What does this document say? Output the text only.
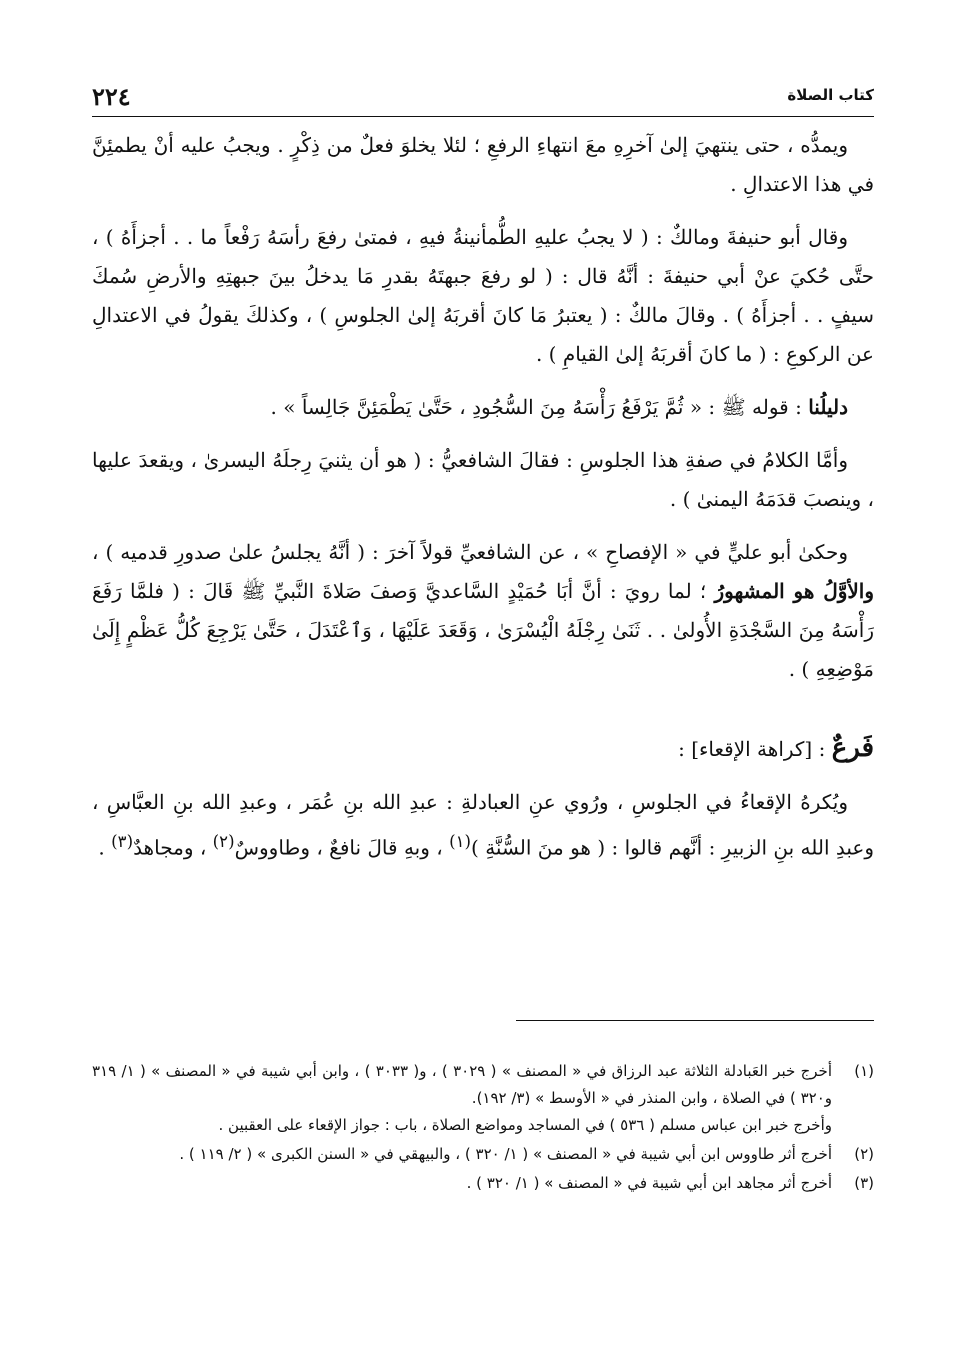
٢٢٤	كتاب الصلاة

ويمدُّه ، حتى ينتهيَ إلىٰ آخرِهِ معَ انتهاءِ الرفعِ ؛ لئلا يخلوَ فعلٌ من ذِكْرٍ . ويجبُ عليه أنْ يطمئِنَّ في هذا الاعتدالِ .

وقال أبو حنيفةَ ومالكٌ : ( لا يجبُ عليهِ الطُّمأنينةُ فيهِ ، فمتىٰ رفعَ رأسَهُ رَفْعاً ما . . أجزأَهُ ) ، حتَّى حُكيَ عنْ أبي حنيفةَ : أنَّهُ قال : ( لو رفعَ جبهتَهُ بقدرِ مَا يدخلُ بينَ جبهتِهِ والأرضِ سُمكَ سيفٍ . . أجزأَهُ ) . وقالَ مالكٌ : ( يعتبرُ مَا كانَ أقربَهُ إلىٰ الجلوسِ ) ، وكذلكَ يقولُ في الاعتدالِ عن الركوعِ : ( ما كانَ أقربَهُ إلىٰ القيامِ ) .

دليلُنا : قوله ﷺ : « ثُمَّ يَرْفَعُ رَأْسَهُ مِنَ السُّجُودِ ، حَتَّىٰ يَطْمَئِنَّ جَالِساً » .

وأمَّا الكلامُ في صفةِ هذا الجلوسِ : فقالَ الشافعيُّ : ( هو أن يثنيَ رِجلَهُ اليسرىٰ ، ويقعدَ عليها ، وينصبَ قدَمَهُ اليمنىٰ ) .

وحكىٰ أبو عليٍّ في « الإفصاحِ » ، عن الشافعيِّ قولاً آخرَ : ( أنَّهُ يجلسُ علىٰ صدورِ قدميه ) ، والأوَّلُ هو المشهورُ ؛ لما رويَ : أنَّ أبَا حُمَيْدٍ السَّاعديَّ وَصفَ صَلاةَ النَّبيِّ ﷺ قَالَ : ( فلمَّا رَفَعَ رَأْسَهُ مِنَ السَّجْدَةِ الأُولىٰ . . ثَنَىٰ رِجْلَهُ الْيُسْرَىٰ ، وَقَعَدَ عَلَيْهَا ، وَٱعْتَدَلَ ، حَتَّىٰ يَرْجِعَ كُلُّ عَظْمٍ إِلَىٰ مَوْضِعِهِ ) .

فَرعٌ : [كراهة الإقعاء] :

ويُكرهُ الإقعاءُ في الجلوسِ ، ورُوي عنِ العبادلةِ : عبدِ الله بنِ عُمَر ، وعبدِ الله بنِ العبَّاسِ ، وعبدِ الله بنِ الزبيرِ : أنَّهم قالوا : ( هو منَ السُّنَّةِ )$^{(١)}$ ، وبهِ قالَ نافعٌ ، وطاووسٌ$^{(٢)}$ ، ومجاهدٌ$^{(٣)}$ .

(١)
أخرج خبر العَبادلة الثلاثة عبد الرزاق في « المصنف » ( ٣٠٢٩ ) ، و( ٣٠٣٣ ) ، وابن أبي شيبة في « المصنف » ( ١/ ٣١٩ و٣٢٠ ) في الصلاة ، وابن المنذر في « الأوسط » (٣/ ١٩٢).
وأخرج خبر ابن عباس مسلم ( ٥٣٦ ) في المساجد ومواضع الصلاة ، باب : جواز الإقعاء على العقبين .
(٢)
أخرج أثر طاووس ابن أبي شيبة في « المصنف » ( ١/ ٣٢٠ ) ، والبيهقي في « السنن الكبرى » ( ٢/ ١١٩ ) .
(٣)
أخرج أثر مجاهد ابن أبي شيبة في « المصنف » ( ١/ ٣٢٠ ) .
